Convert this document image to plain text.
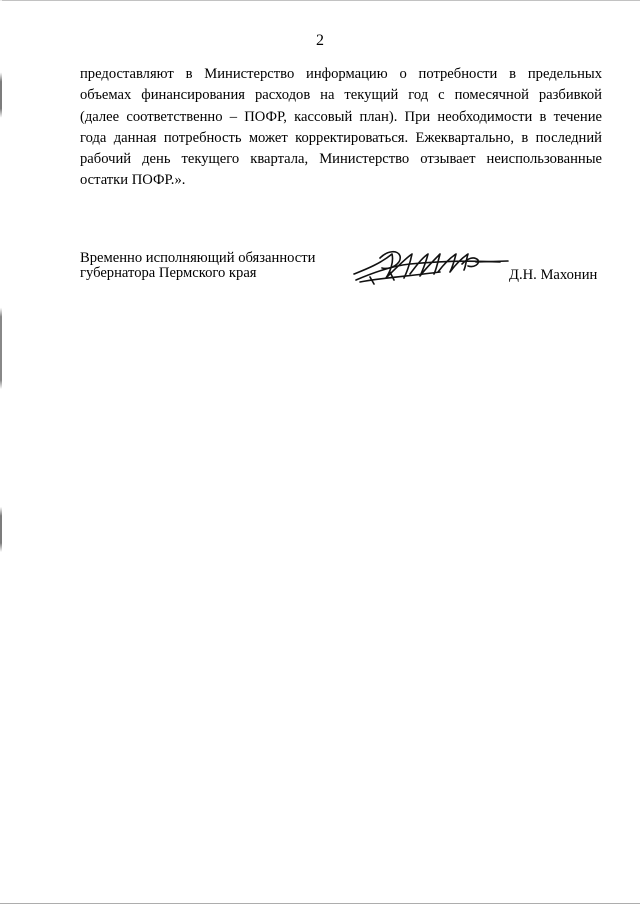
2
предоставляют в Министерство информацию о потребности в предельных
объемах финансирования расходов на текущий год с помесячной разбивкой
(далее соответственно – ПОФР, кассовый план). При необходимости в течение
года данная потребность может корректироваться. Ежеквартально, в последний
рабочий день текущего квартала, Министерство отзывает неиспользованные
остатки ПОФР.».
Временно исполняющий обязанности
губернатора Пермского края	Д.Н. Махонин
